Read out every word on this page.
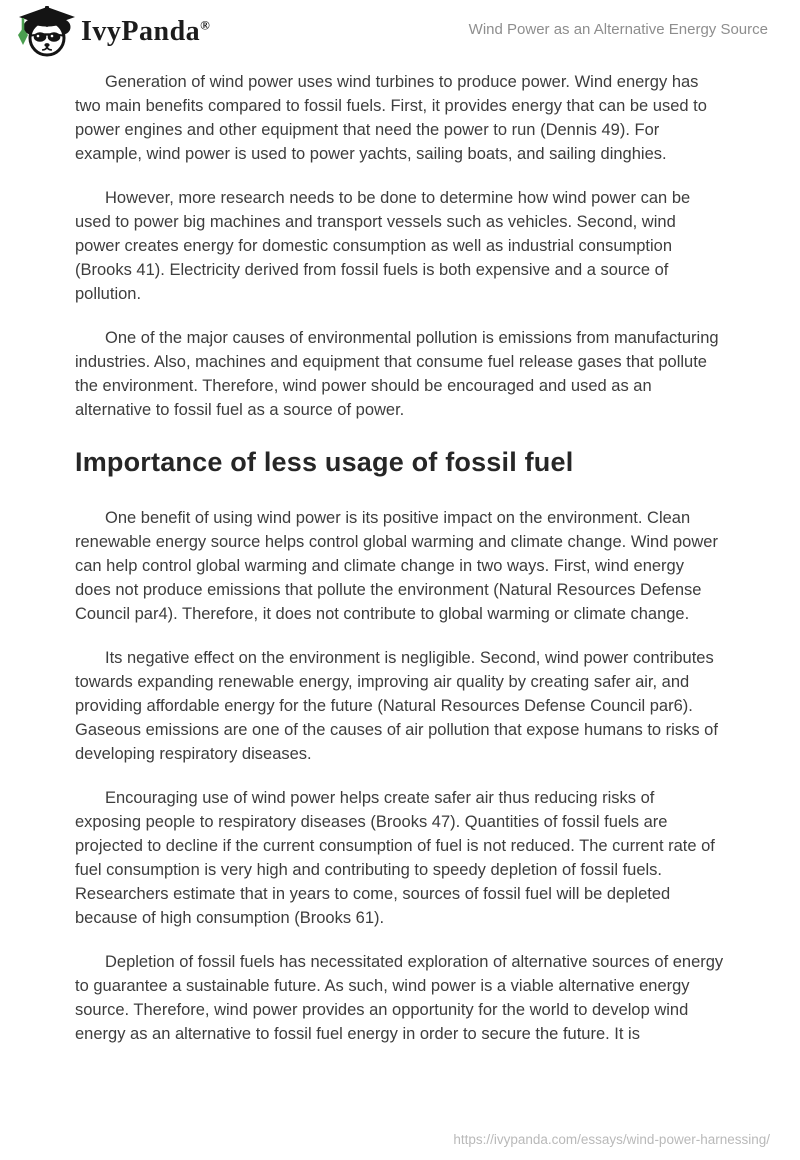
IvyPanda®	Wind Power as an Alternative Energy Source

Generation of wind power uses wind turbines to produce power. Wind energy has two main benefits compared to fossil fuels. First, it provides energy that can be used to power engines and other equipment that need the power to run (Dennis 49). For example, wind power is used to power yachts, sailing boats, and sailing dinghies.

However, more research needs to be done to determine how wind power can be used to power big machines and transport vessels such as vehicles. Second, wind power creates energy for domestic consumption as well as industrial consumption (Brooks 41). Electricity derived from fossil fuels is both expensive and a source of pollution.

One of the major causes of environmental pollution is emissions from manufacturing industries. Also, machines and equipment that consume fuel release gases that pollute the environment. Therefore, wind power should be encouraged and used as an alternative to fossil fuel as a source of power.

Importance of less usage of fossil fuel

One benefit of using wind power is its positive impact on the environment. Clean renewable energy source helps control global warming and climate change. Wind power can help control global warming and climate change in two ways. First, wind energy does not produce emissions that pollute the environment (Natural Resources Defense Council par4). Therefore, it does not contribute to global warming or climate change.

Its negative effect on the environment is negligible. Second, wind power contributes towards expanding renewable energy, improving air quality by creating safer air, and providing affordable energy for the future (Natural Resources Defense Council par6). Gaseous emissions are one of the causes of air pollution that expose humans to risks of developing respiratory diseases.

Encouraging use of wind power helps create safer air thus reducing risks of exposing people to respiratory diseases (Brooks 47). Quantities of fossil fuels are projected to decline if the current consumption of fuel is not reduced. The current rate of fuel consumption is very high and contributing to speedy depletion of fossil fuels. Researchers estimate that in years to come, sources of fossil fuel will be depleted because of high consumption (Brooks 61).

Depletion of fossil fuels has necessitated exploration of alternative sources of energy to guarantee a sustainable future. As such, wind power is a viable alternative energy source. Therefore, wind power provides an opportunity for the world to develop wind energy as an alternative to fossil fuel energy in order to secure the future. It is

https://ivypanda.com/essays/wind-power-harnessing/
